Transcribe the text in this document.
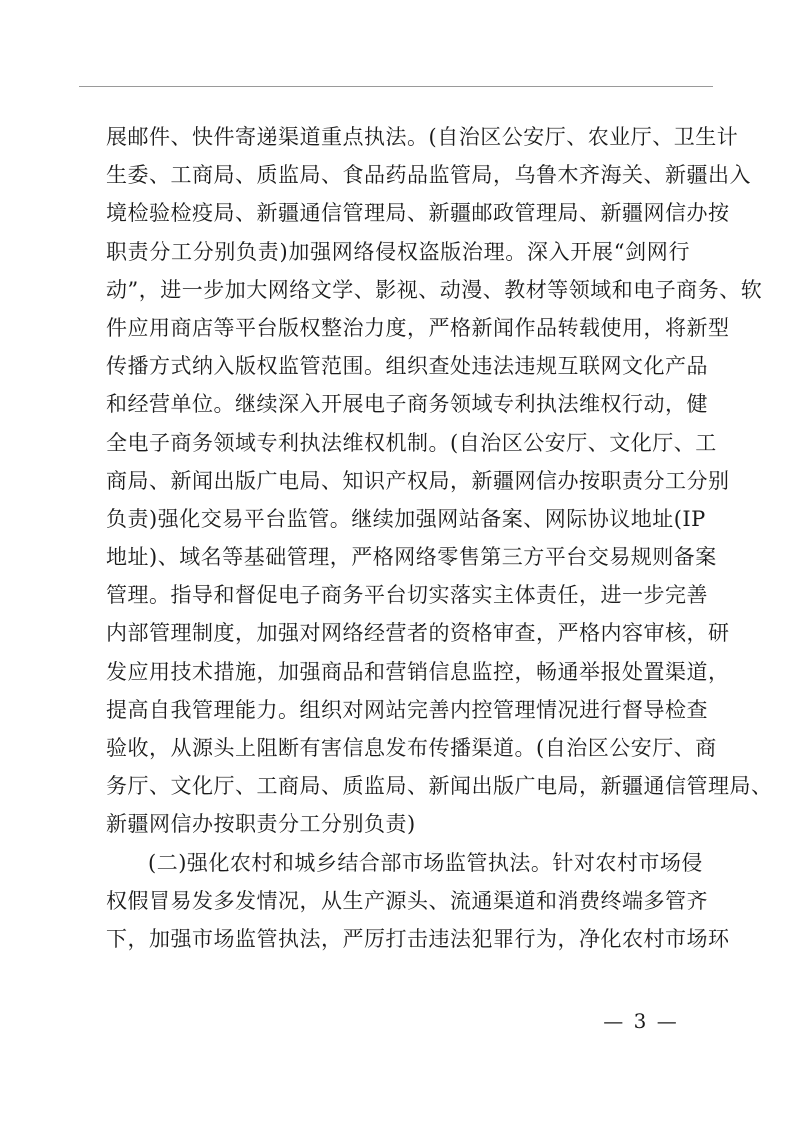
展邮件、快件寄递渠道重点执法。(自治区公安厅、农业厅、卫生计
生委、工商局、质监局、食品药品监管局，乌鲁木齐海关、新疆出入
境检验检疫局、新疆通信管理局、新疆邮政管理局、新疆网信办按
职责分工分别负责)加强网络侵权盗版治理。深入开展“剑网行
动”，进一步加大网络文学、影视、动漫、教材等领域和电子商务、软
件应用商店等平台版权整治力度，严格新闻作品转载使用，将新型
传播方式纳入版权监管范围。组织查处违法违规互联网文化产品
和经营单位。继续深入开展电子商务领域专利执法维权行动，健
全电子商务领域专利执法维权机制。(自治区公安厅、文化厅、工
商局、新闻出版广电局、知识产权局，新疆网信办按职责分工分别
负责)强化交易平台监管。继续加强网站备案、网际协议地址(IP
地址)、域名等基础管理，严格网络零售第三方平台交易规则备案
管理。指导和督促电子商务平台切实落实主体责任，进一步完善
内部管理制度，加强对网络经营者的资格审查，严格内容审核，研
发应用技术措施，加强商品和营销信息监控，畅通举报处置渠道，
提高自我管理能力。组织对网站完善内控管理情况进行督导检查
验收，从源头上阻断有害信息发布传播渠道。(自治区公安厅、商
务厅、文化厅、工商局、质监局、新闻出版广电局，新疆通信管理局、
新疆网信办按职责分工分别负责)
(二)强化农村和城乡结合部市场监管执法。针对农村市场侵
权假冒易发多发情况，从生产源头、流通渠道和消费终端多管齐
下，加强市场监管执法，严厉打击违法犯罪行为，净化农村市场环
— 3 —
